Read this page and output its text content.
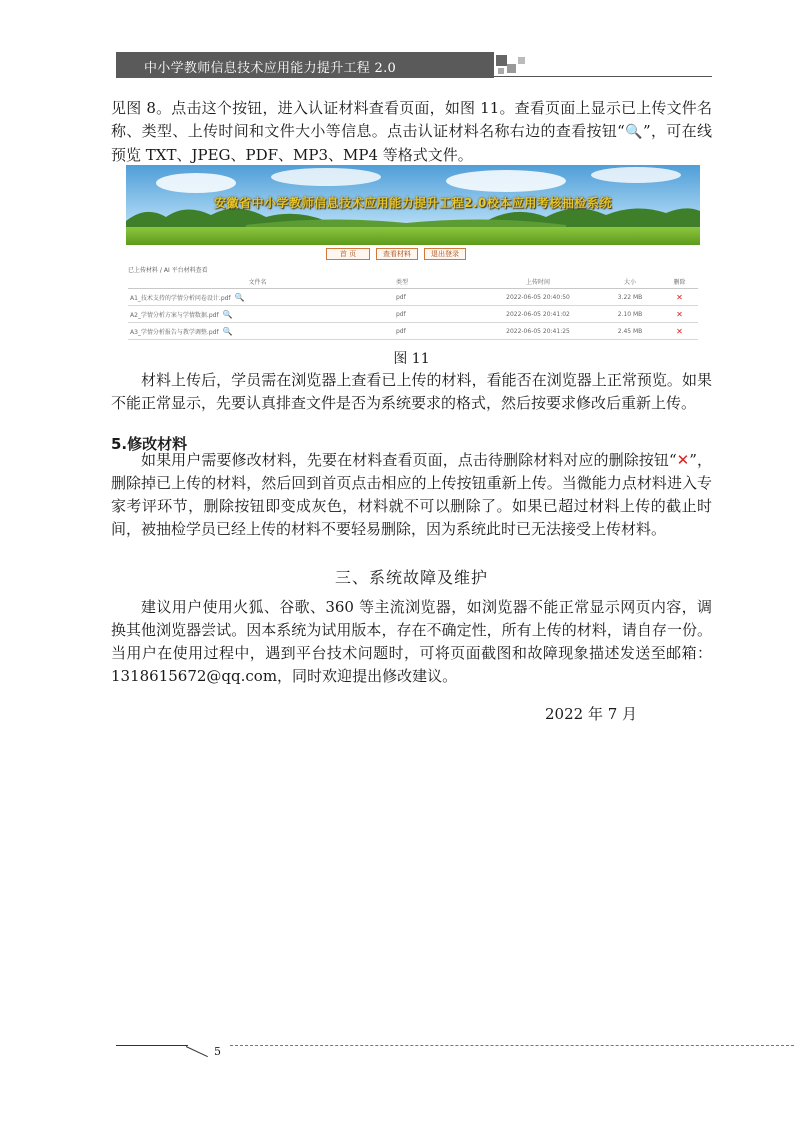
中小学教师信息技术应用能力提升工程 2.0

见图 8。点击这个按钮，进入认证材料查看页面，如图 11。查看页面上显示已上传文件名称、类型、上传时间和文件大小等信息。点击认证材料名称右边的查看按钮“🔍”，可在线预览 TXT、JPEG、PDF、MP3、MP4 等格式文件。

安徽省中小学教师信息技术应用能力提升工程2.0校本应用考核抽检系统
首 页	查看材料	退出登录
已上传材料 / AI 平台材料查看
文件名	类型	上传时间	大小	删除
A1_技术支持的学情分析问卷设计.pdf 🔍	pdf	2022-06-05 20:40:50	3.22 MB	✕
A2_学情分析方案与学情数据.pdf 🔍	pdf	2022-06-05 20:41:02	2.10 MB	✕
A3_学情分析报告与教学调整.pdf 🔍	pdf	2022-06-05 20:41:25	2.45 MB	✕
图 11

材料上传后，学员需在浏览器上查看已上传的材料，看能否在浏览器上正常预览。如果不能正常显示，先要认真排查文件是否为系统要求的格式，然后按要求修改后重新上传。

5.修改材料

如果用户需要修改材料，先要在材料查看页面，点击待删除材料对应的删除按钮“✕”，删除掉已上传的材料，然后回到首页点击相应的上传按钮重新上传。当微能力点材料进入专家考评环节，删除按钮即变成灰色，材料就不可以删除了。如果已超过材料上传的截止时间，被抽检学员已经上传的材料不要轻易删除，因为系统此时已无法接受上传材料。

三、系统故障及维护

建议用户使用火狐、谷歌、360 等主流浏览器，如浏览器不能正常显示网页内容，调换其他浏览器尝试。因本系统为试用版本，存在不确定性，所有上传的材料，请自存一份。当用户在使用过程中，遇到平台技术问题时，可将页面截图和故障现象描述发送至邮箱：1318615672@qq.com，同时欢迎提出修改建议。

2022 年 7 月
5
